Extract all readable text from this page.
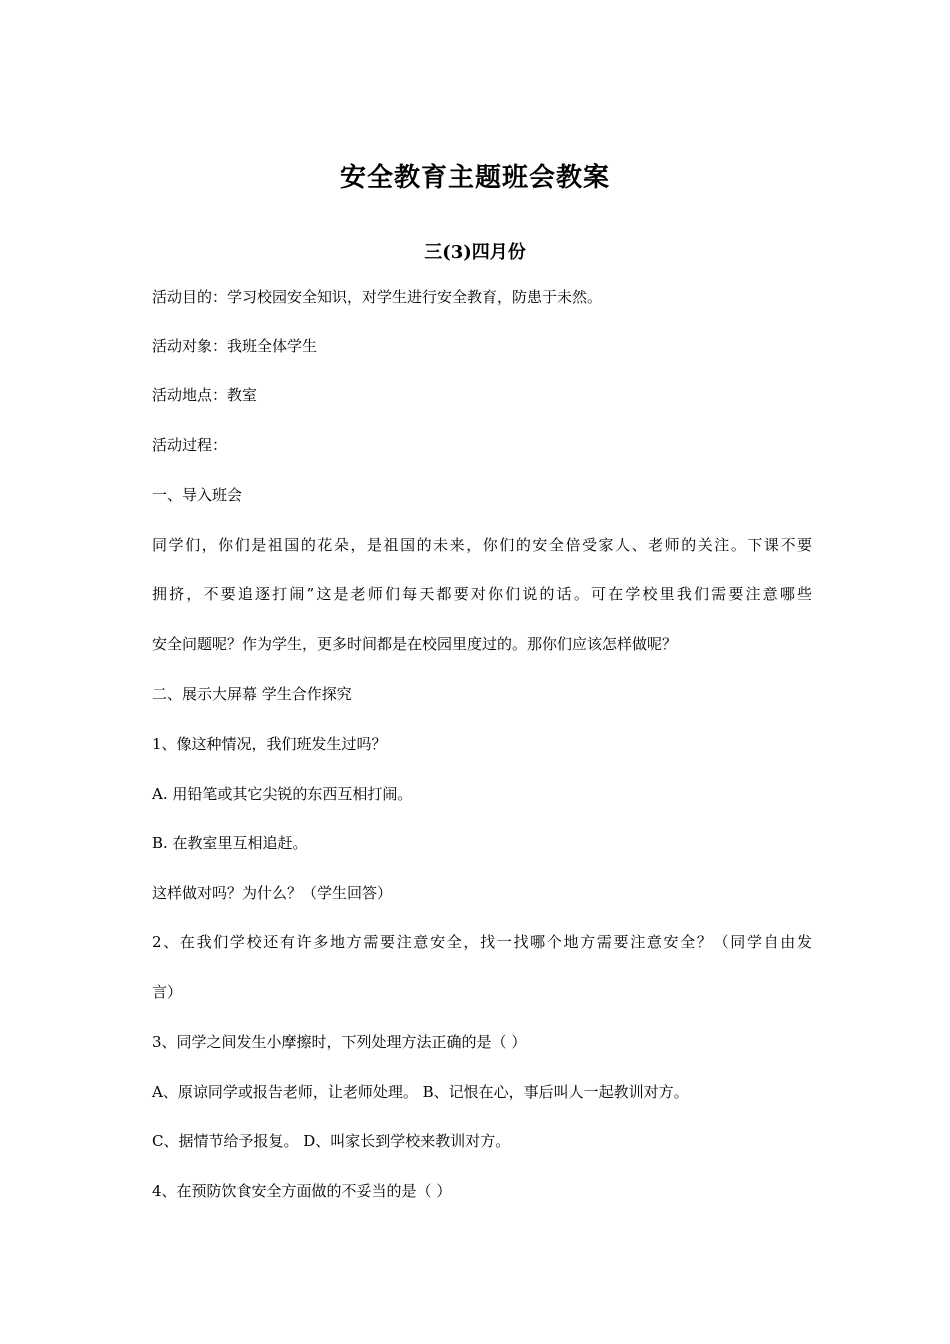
安全教育主题班会教案
三(3)四月份
活动目的：学习校园安全知识，对学生进行安全教育，防患于未然。
活动对象：我班全体学生
活动地点：教室
活动过程：
一、导入班会
同学们，你们是祖国的花朵，是祖国的未来，你们的安全倍受家人、老师的关注。下课不要
拥挤，不要追逐打闹”这是老师们每天都要对你们说的话。可在学校里我们需要注意哪些
安全问题呢？作为学生，更多时间都是在校园里度过的。那你们应该怎样做呢？
二、展示大屏幕 学生合作探究
1、像这种情况，我们班发生过吗？
A. 用铅笔或其它尖锐的东西互相打闹。
B. 在教室里互相追赶。
这样做对吗？为什么？（学生回答）
2、在我们学校还有许多地方需要注意安全，找一找哪个地方需要注意安全？（同学自由发
言）
3、同学之间发生小摩擦时，下列处理方法正确的是（ ）
A、原谅同学或报告老师，让老师处理。 B、记恨在心，事后叫人一起教训对方。
C、据情节给予报复。 D、叫家长到学校来教训对方。
4、在预防饮食安全方面做的不妥当的是（ ）
